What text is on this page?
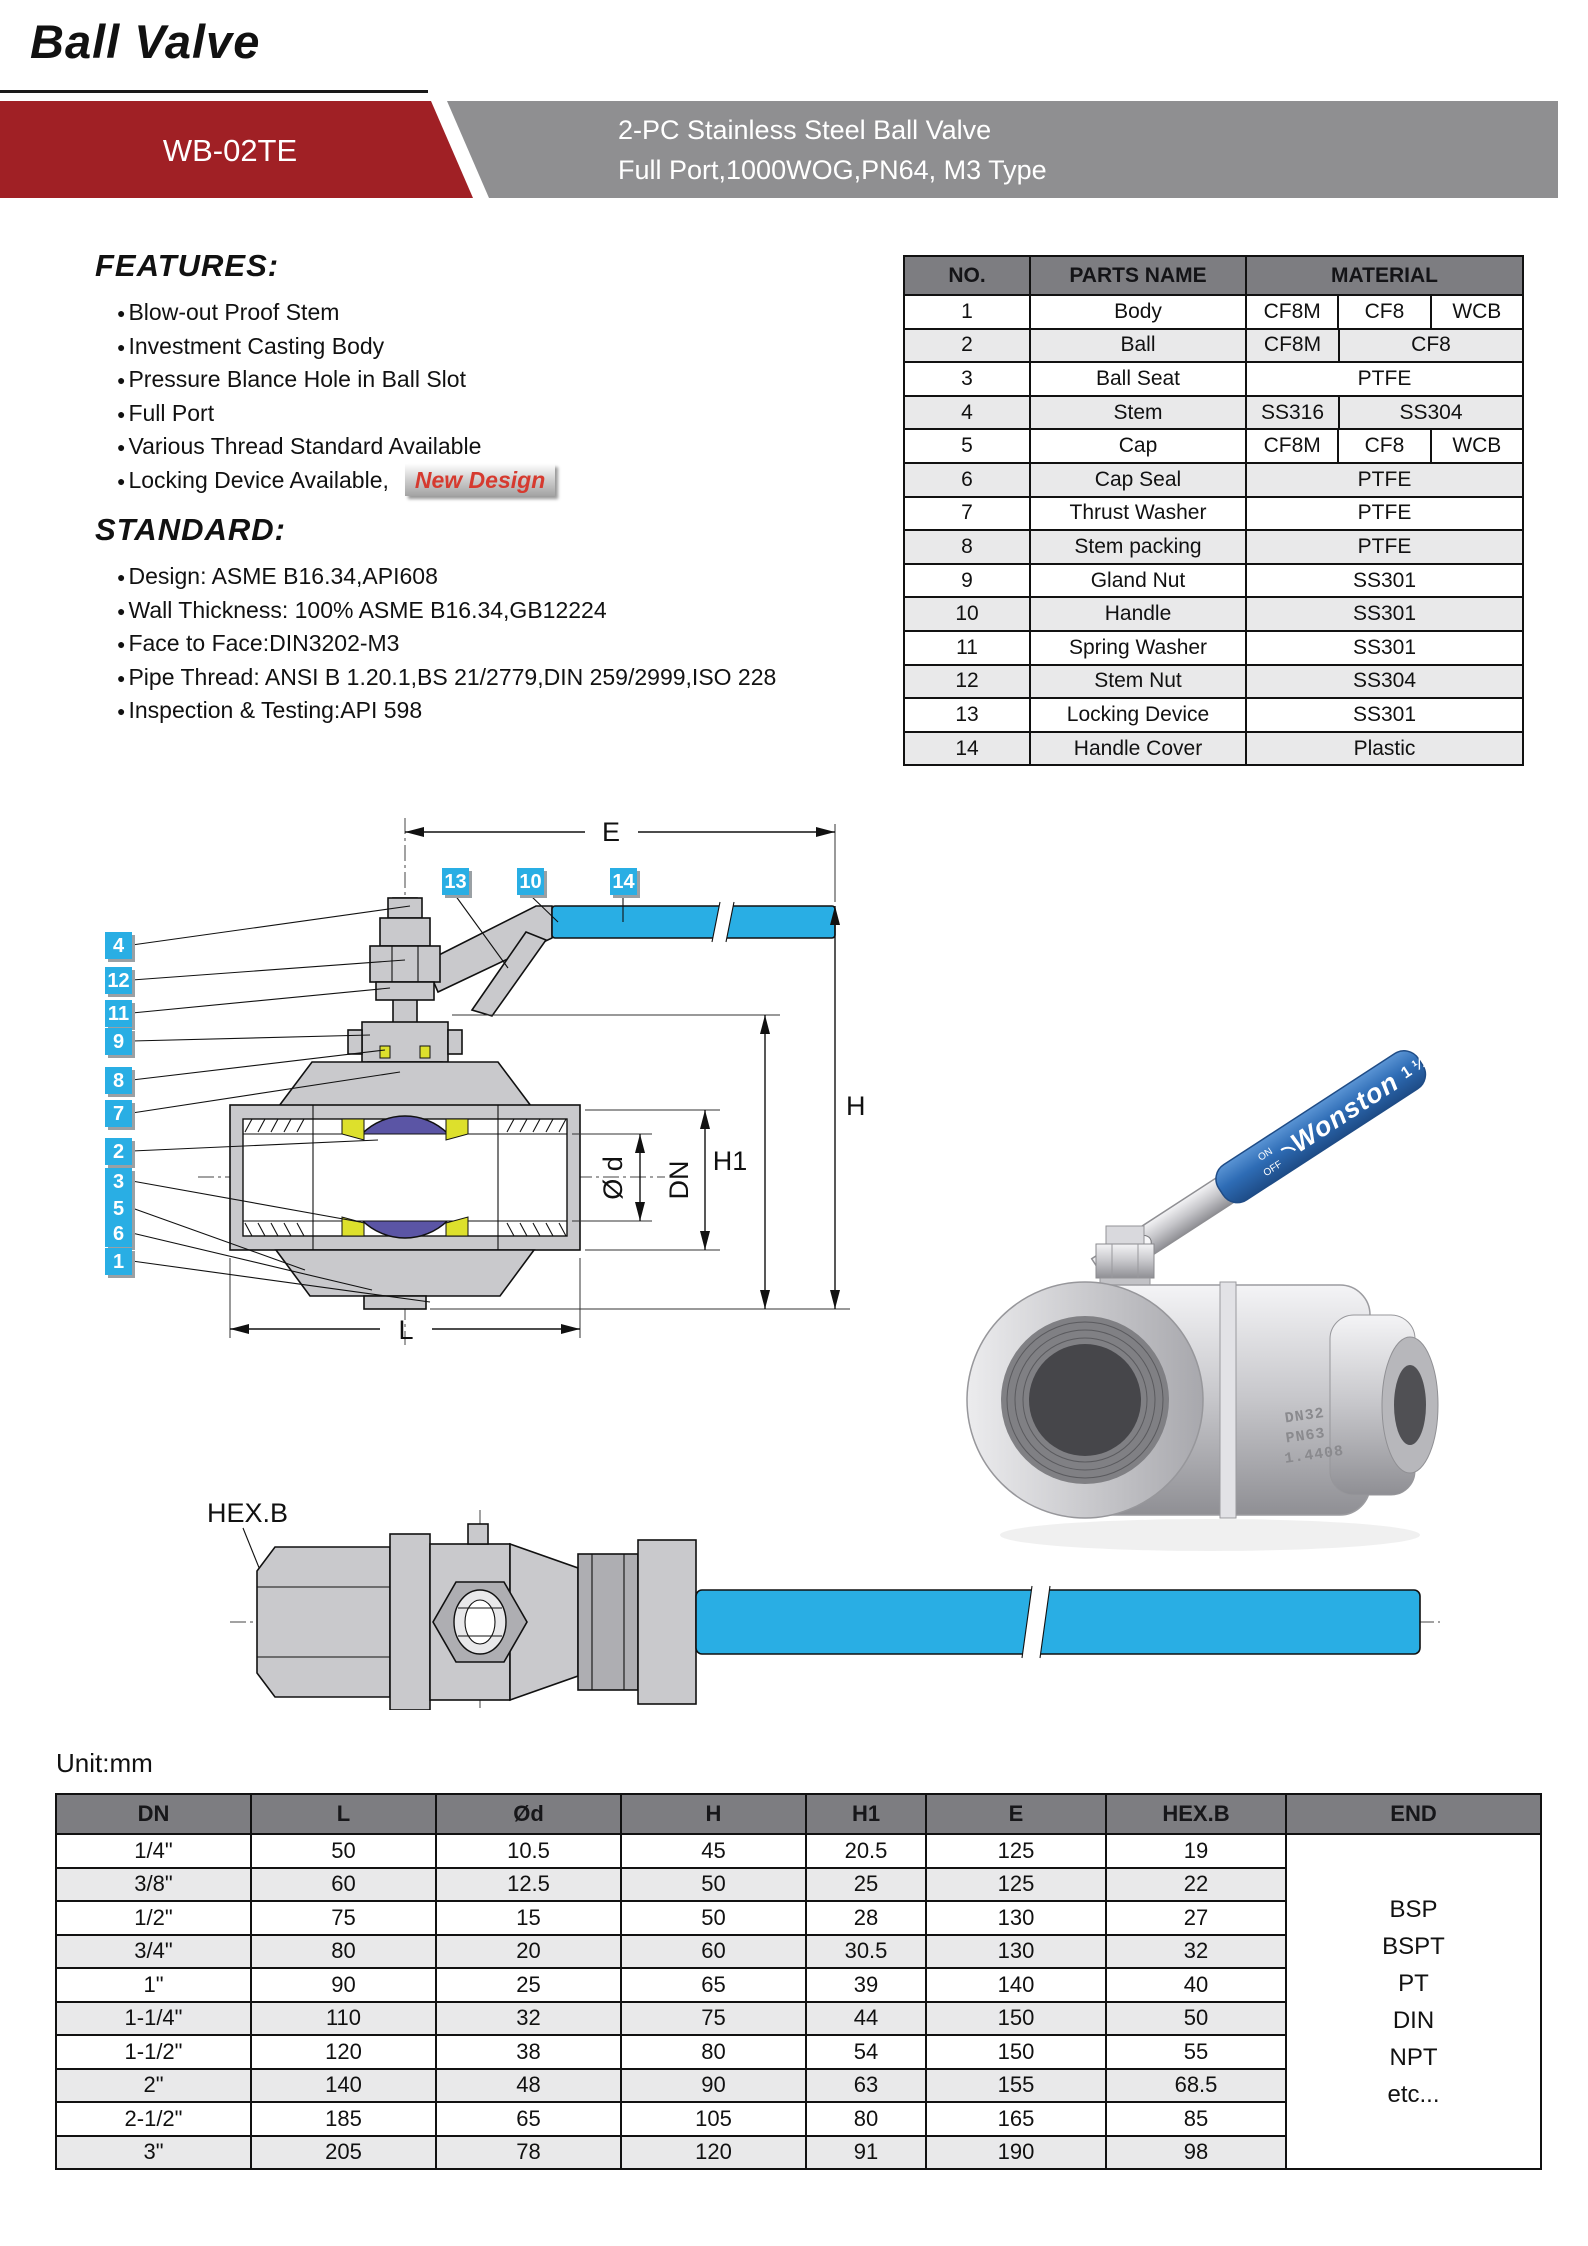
Ball Valve
WB-02TE
2-PC Stainless Steel Ball Valve
Full Port,1000WOG,PN64, M3 Type
FEATURES:
● Blow-out Proof Stem
● Investment Casting Body
● Pressure Blance Hole in Ball Slot
● Full Port
● Various Thread Standard Available
● Locking Device Available, New Design
STANDARD:
● Design: ASME B16.34,API608
● Wall Thickness: 100% ASME B16.34,GB12224
● Face to Face:DIN3202-M3
● Pipe Thread: ANSI B 1.20.1,BS 21/2779,DIN 259/2999,ISO 228
● Inspection & Testing:API 598
NO.	PARTS NAME	MATERIAL
1	Body	CF8M CF8 WCB

2	Ball	CF8M CF8

3	Ball Seat	PTFE

4	Stem	SS316 SS304

5	Cap	CF8M CF8 WCB

6	Cap Seal	PTFE

7	Thrust Washer	PTFE

8	Stem packing	PTFE

9	Gland Nut	SS301

10	Handle	SS301

11	Spring Washer	SS301

12	Stem Nut	SS304

13	Locking Device	SS301

14	Handle Cover	Plastic
E
L
Ø d DN H1
H
4
12
11
9
8
7
2
3
5
6
1
13	10	14
HEX.B
ON
OFF
Wonston
1 ¼
DN32
PN63
1.4408
Unit:mm
DN	L	Ød	H	H1	E	HEX.B	END
1/4"	50	10.5	45	20.5	125	19	
BSP
BSPT
PT
DIN
NPT
etc...

3/8"	60	12.5	50	25	125	22	
1/2"	75	15	50	28	130	27	
3/4"	80	20	60	30.5	130	32	
1"	90	25	65	39	140	40	
1-1/4"	110	32	75	44	150	50	
1-1/2"	120	38	80	54	150	55	
2"	140	48	90	63	155	68.5	
2-1/2"	185	65	105	80	165	85	
3"	205	78	120	91	190	98	
